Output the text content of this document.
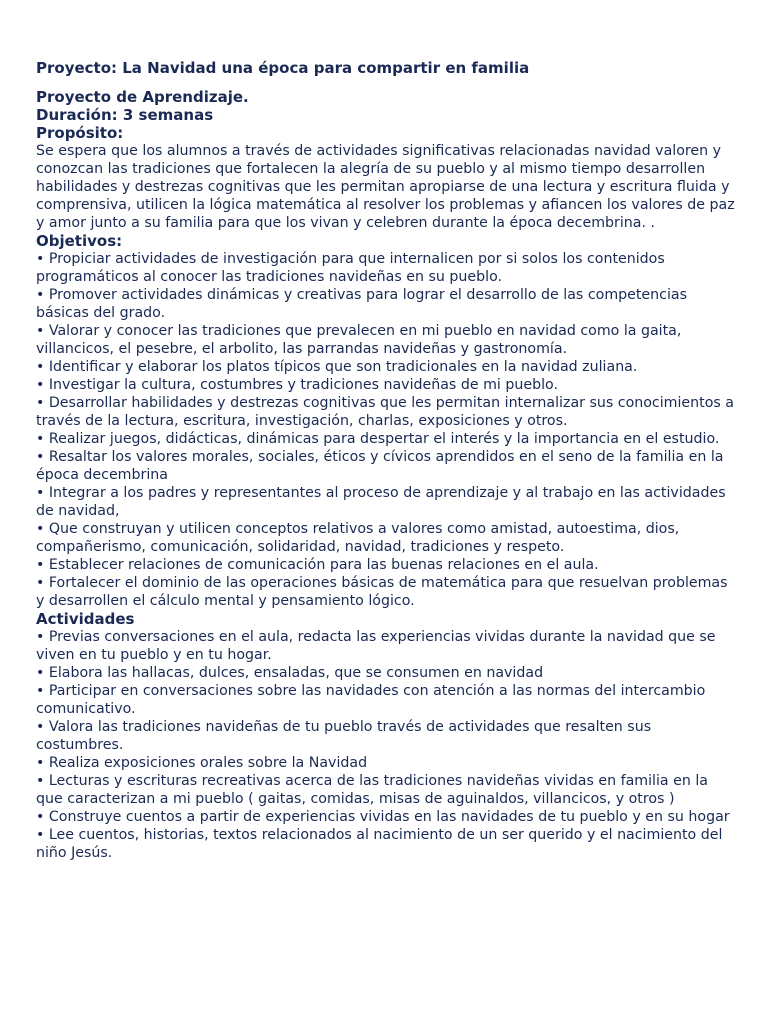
Proyecto: La Navidad una época para compartir en familia

Proyecto de Aprendizaje.

Duración: 3 semanas

Propósito:

Se espera que los alumnos a través de actividades significativas relacionadas navidad valoren y conozcan las tradiciones que fortalecen la alegría de su pueblo y al mismo tiempo desarrollen habilidades y destrezas cognitivas que les permitan apropiarse de una lectura y escritura fluida y comprensiva, utilicen la lógica matemática al resolver los problemas y afiancen los valores de paz y amor junto a su familia para que los vivan y celebren durante la época decembrina. .

Objetivos:

• Propiciar actividades de investigación para que internalicen por si solos los contenidos programáticos al conocer las tradiciones navideñas en su pueblo.

• Promover actividades dinámicas y creativas para lograr el desarrollo de las competencias básicas del grado.

• Valorar y conocer las tradiciones que prevalecen en mi pueblo en navidad como la gaita, villancicos, el pesebre, el arbolito, las parrandas navideñas y gastronomía.

• Identificar y elaborar los platos típicos que son tradicionales en la navidad zuliana.

• Investigar la cultura, costumbres y tradiciones navideñas de mi pueblo.

• Desarrollar habilidades y destrezas cognitivas que les permitan internalizar sus conocimientos a través de la lectura, escritura, investigación, charlas, exposiciones y otros.

• Realizar juegos, didácticas, dinámicas para despertar el interés y la importancia en el estudio.

• Resaltar los valores morales, sociales, éticos y cívicos aprendidos en el seno de la familia en la época decembrina

• Integrar a los padres y representantes al proceso de aprendizaje y al trabajo en las actividades de navidad,

• Que construyan y utilicen conceptos relativos a valores como amistad, autoestima, dios, compañerismo, comunicación, solidaridad, navidad, tradiciones y respeto.

• Establecer relaciones de comunicación para las buenas relaciones en el aula.

• Fortalecer el dominio de las operaciones básicas de matemática para que resuelvan problemas y desarrollen el cálculo mental y pensamiento lógico.

Actividades

• Previas conversaciones en el aula, redacta las experiencias vividas durante la navidad que se viven en tu pueblo y en tu hogar.

• Elabora las hallacas, dulces, ensaladas, que se consumen en navidad

• Participar en conversaciones sobre las navidades con atención a las normas del intercambio comunicativo.

• Valora las tradiciones navideñas de tu pueblo través de actividades que resalten sus costumbres.

• Realiza exposiciones orales sobre la Navidad

• Lecturas y escrituras recreativas acerca de las tradiciones navideñas vividas en familia en la que caracterizan a mi pueblo ( gaitas, comidas, misas de aguinaldos, villancicos, y otros )

• Construye cuentos a partir de experiencias vividas en las navidades de tu pueblo y en su hogar

• Lee cuentos, historias, textos relacionados al nacimiento de un ser querido y el nacimiento del niño Jesús.
